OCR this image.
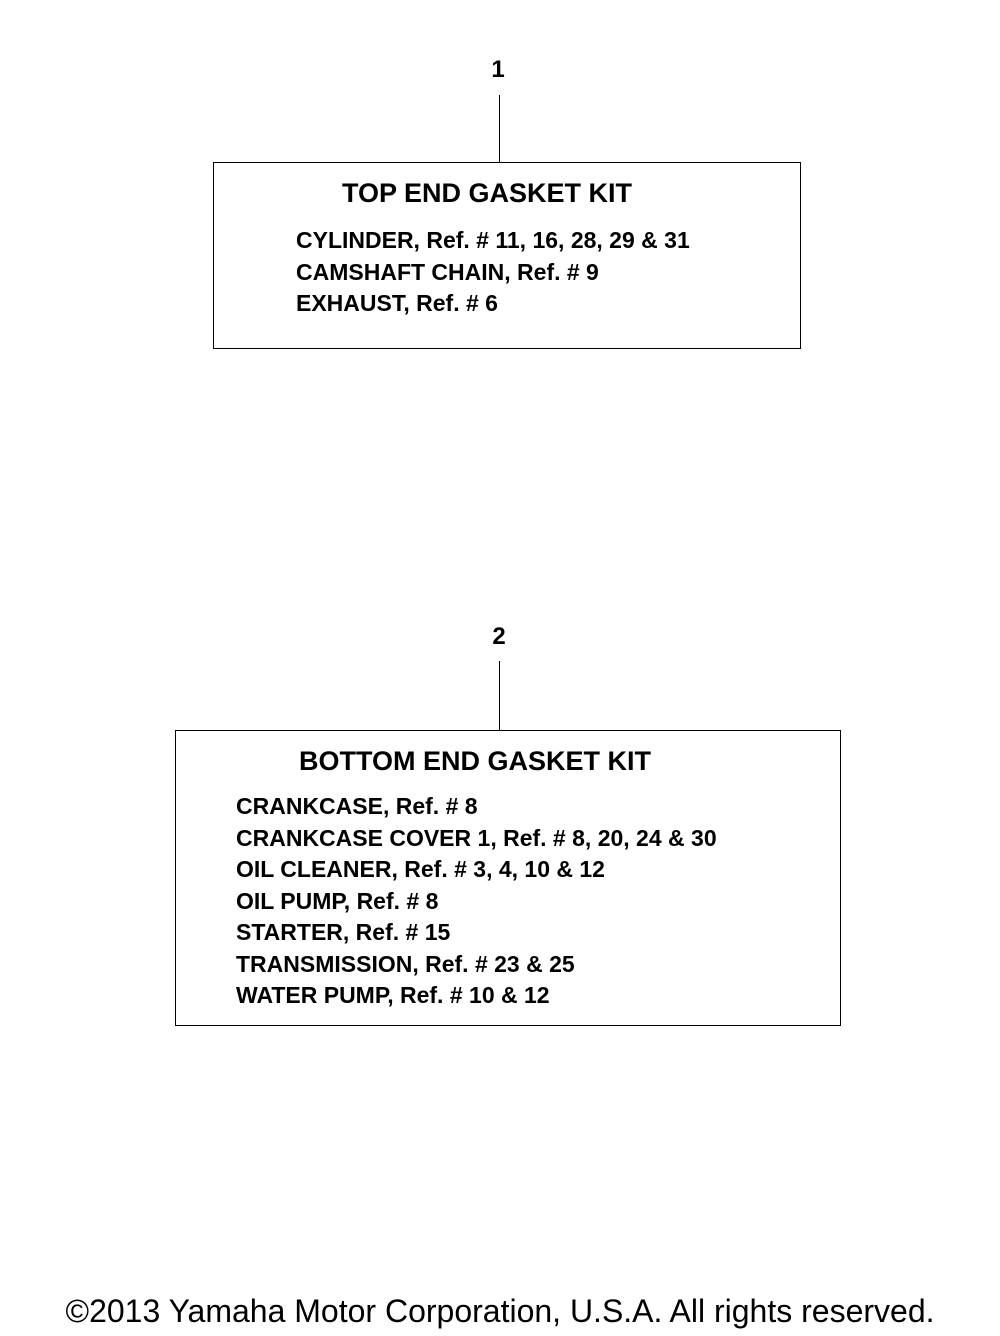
1
TOP END GASKET KIT
CYLINDER, Ref. # 11, 16, 28, 29 & 31
CAMSHAFT CHAIN, Ref. # 9
EXHAUST, Ref. # 6
2
BOTTOM END GASKET KIT
CRANKCASE, Ref. # 8
CRANKCASE COVER 1, Ref. # 8, 20, 24 & 30
OIL CLEANER, Ref. # 3, 4, 10 & 12
OIL PUMP, Ref. # 8
STARTER, Ref. # 15
TRANSMISSION, Ref. # 23 & 25
WATER PUMP, Ref. # 10 & 12
©2013 Yamaha Motor Corporation, U.S.A. All rights reserved.
